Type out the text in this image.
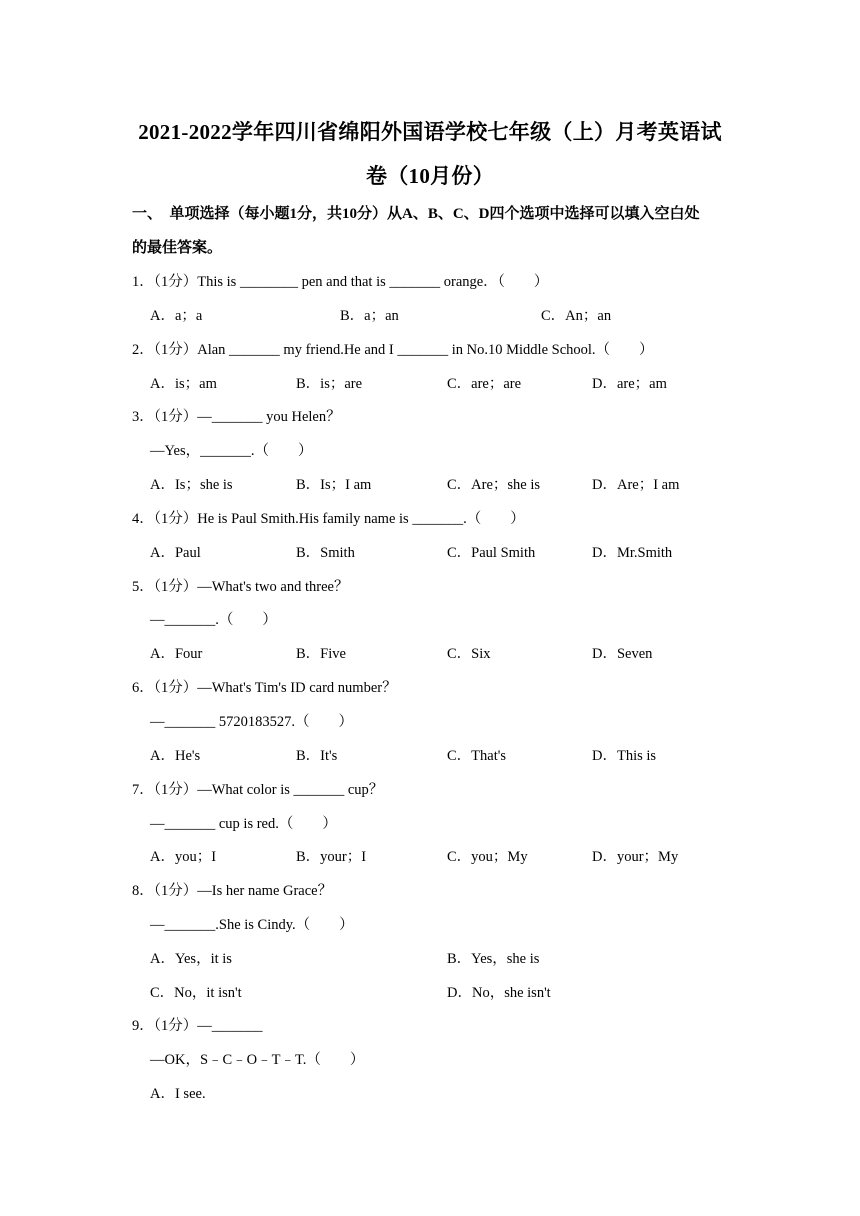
2021-2022学年四川省绵阳外国语学校七年级（上）月考英语试
卷（10月份）
一、  单项选择（每小题1分，共10分）从A、B、C、D四个选项中选择可以填入空白处
的最佳答案。
1．（1分）This is ________ pen and that is _______ orange．（　　）
A．a；a	B．a；an	C．An；an
2．（1分）Alan _______ my friend.He and I _______ in No.10 Middle School.（　　）
A．is；am	B．is；are	C．are；are	D．are；am
3．（1分）—_______ you Helen？
—Yes，_______.（　　）
A．Is；she is	B．Is；I am	C．Are；she is	D．Are；I am
4．（1分）He is Paul Smith.His family name is _______.（　　）
A．Paul	B．Smith	C．Paul Smith	D．Mr.Smith
5．（1分）—What's two and three？
—_______.（　　）
A．Four	B．Five	C．Six	D．Seven
6．（1分）—What's Tim's ID card number？
—_______ 5720183527.（　　）
A．He's	B．It's	C．That's	D．This is
7．（1分）—What color is _______ cup？
—_______ cup is red.（　　）
A．you；I	B．your；I	C．you；My	D．your；My
8．（1分）—Is her name Grace？
—_______.She is Cindy.（　　）
A．Yes，it is	B．Yes，she is
C．No，it isn't	D．No，she isn't
9．（1分）—_______
—OK，S﹣C﹣O﹣T﹣T.（　　）
A．I see.
